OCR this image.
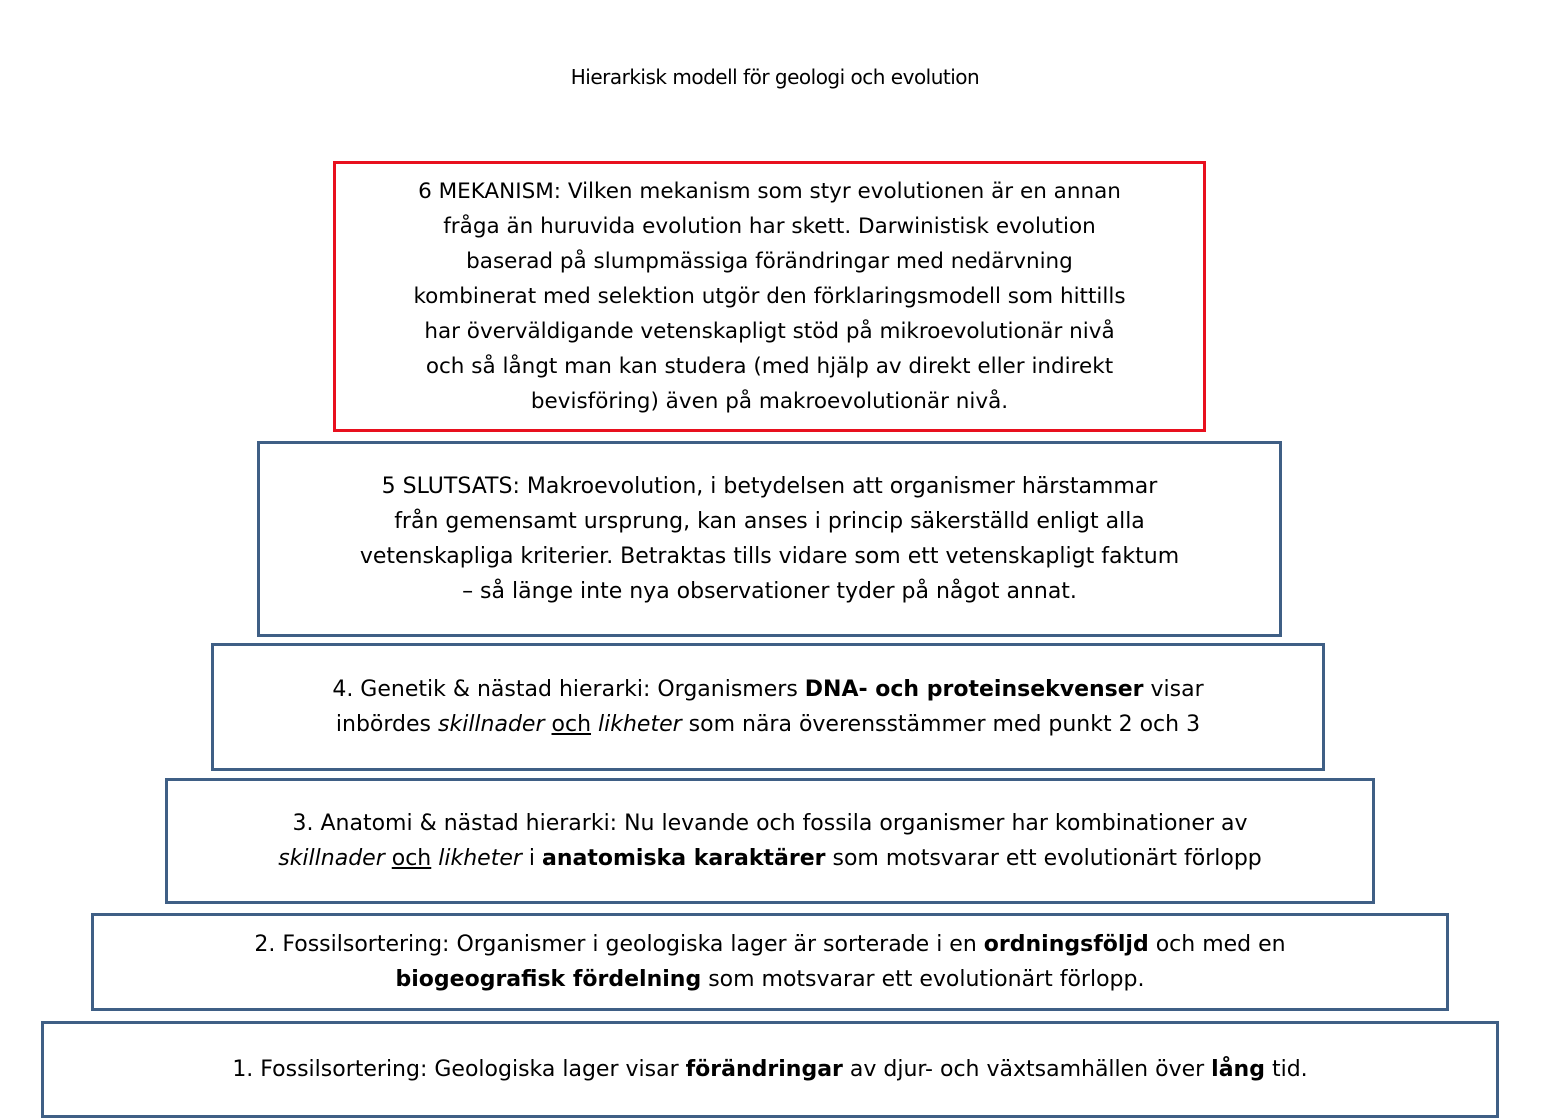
Hierarkisk modell för geologi och evolution
6 MEKANISM: Vilken mekanism som styr evolutionen är en annan
fråga än huruvida evolution har skett. Darwinistisk evolution
baserad på slumpmässiga förändringar med nedärvning
kombinerat med selektion utgör den förklaringsmodell som hittills
har överväldigande vetenskapligt stöd på mikroevolutionär nivå
och så långt man kan studera (med hjälp av direkt eller indirekt
bevisföring) även på makroevolutionär nivå.
5 SLUTSATS: Makroevolution, i betydelsen att organismer härstammar
från gemensamt ursprung, kan anses i princip säkerställd enligt alla
vetenskapliga kriterier. Betraktas tills vidare som ett vetenskapligt faktum
– så länge inte nya observationer tyder på något annat.
4. Genetik & nästad hierarki: Organismers DNA- och proteinsekvenser visar
inbördes skillnader och likheter som nära överensstämmer med punkt 2 och 3
3. Anatomi & nästad hierarki: Nu levande och fossila organismer har kombinationer av
skillnader och likheter i anatomiska karaktärer som motsvarar ett evolutionärt förlopp
2. Fossilsortering: Organismer i geologiska lager är sorterade i en ordningsföljd och med en
biogeografisk fördelning som motsvarar ett evolutionärt förlopp.
1. Fossilsortering: Geologiska lager visar förändringar av djur- och växtsamhällen över lång tid.
